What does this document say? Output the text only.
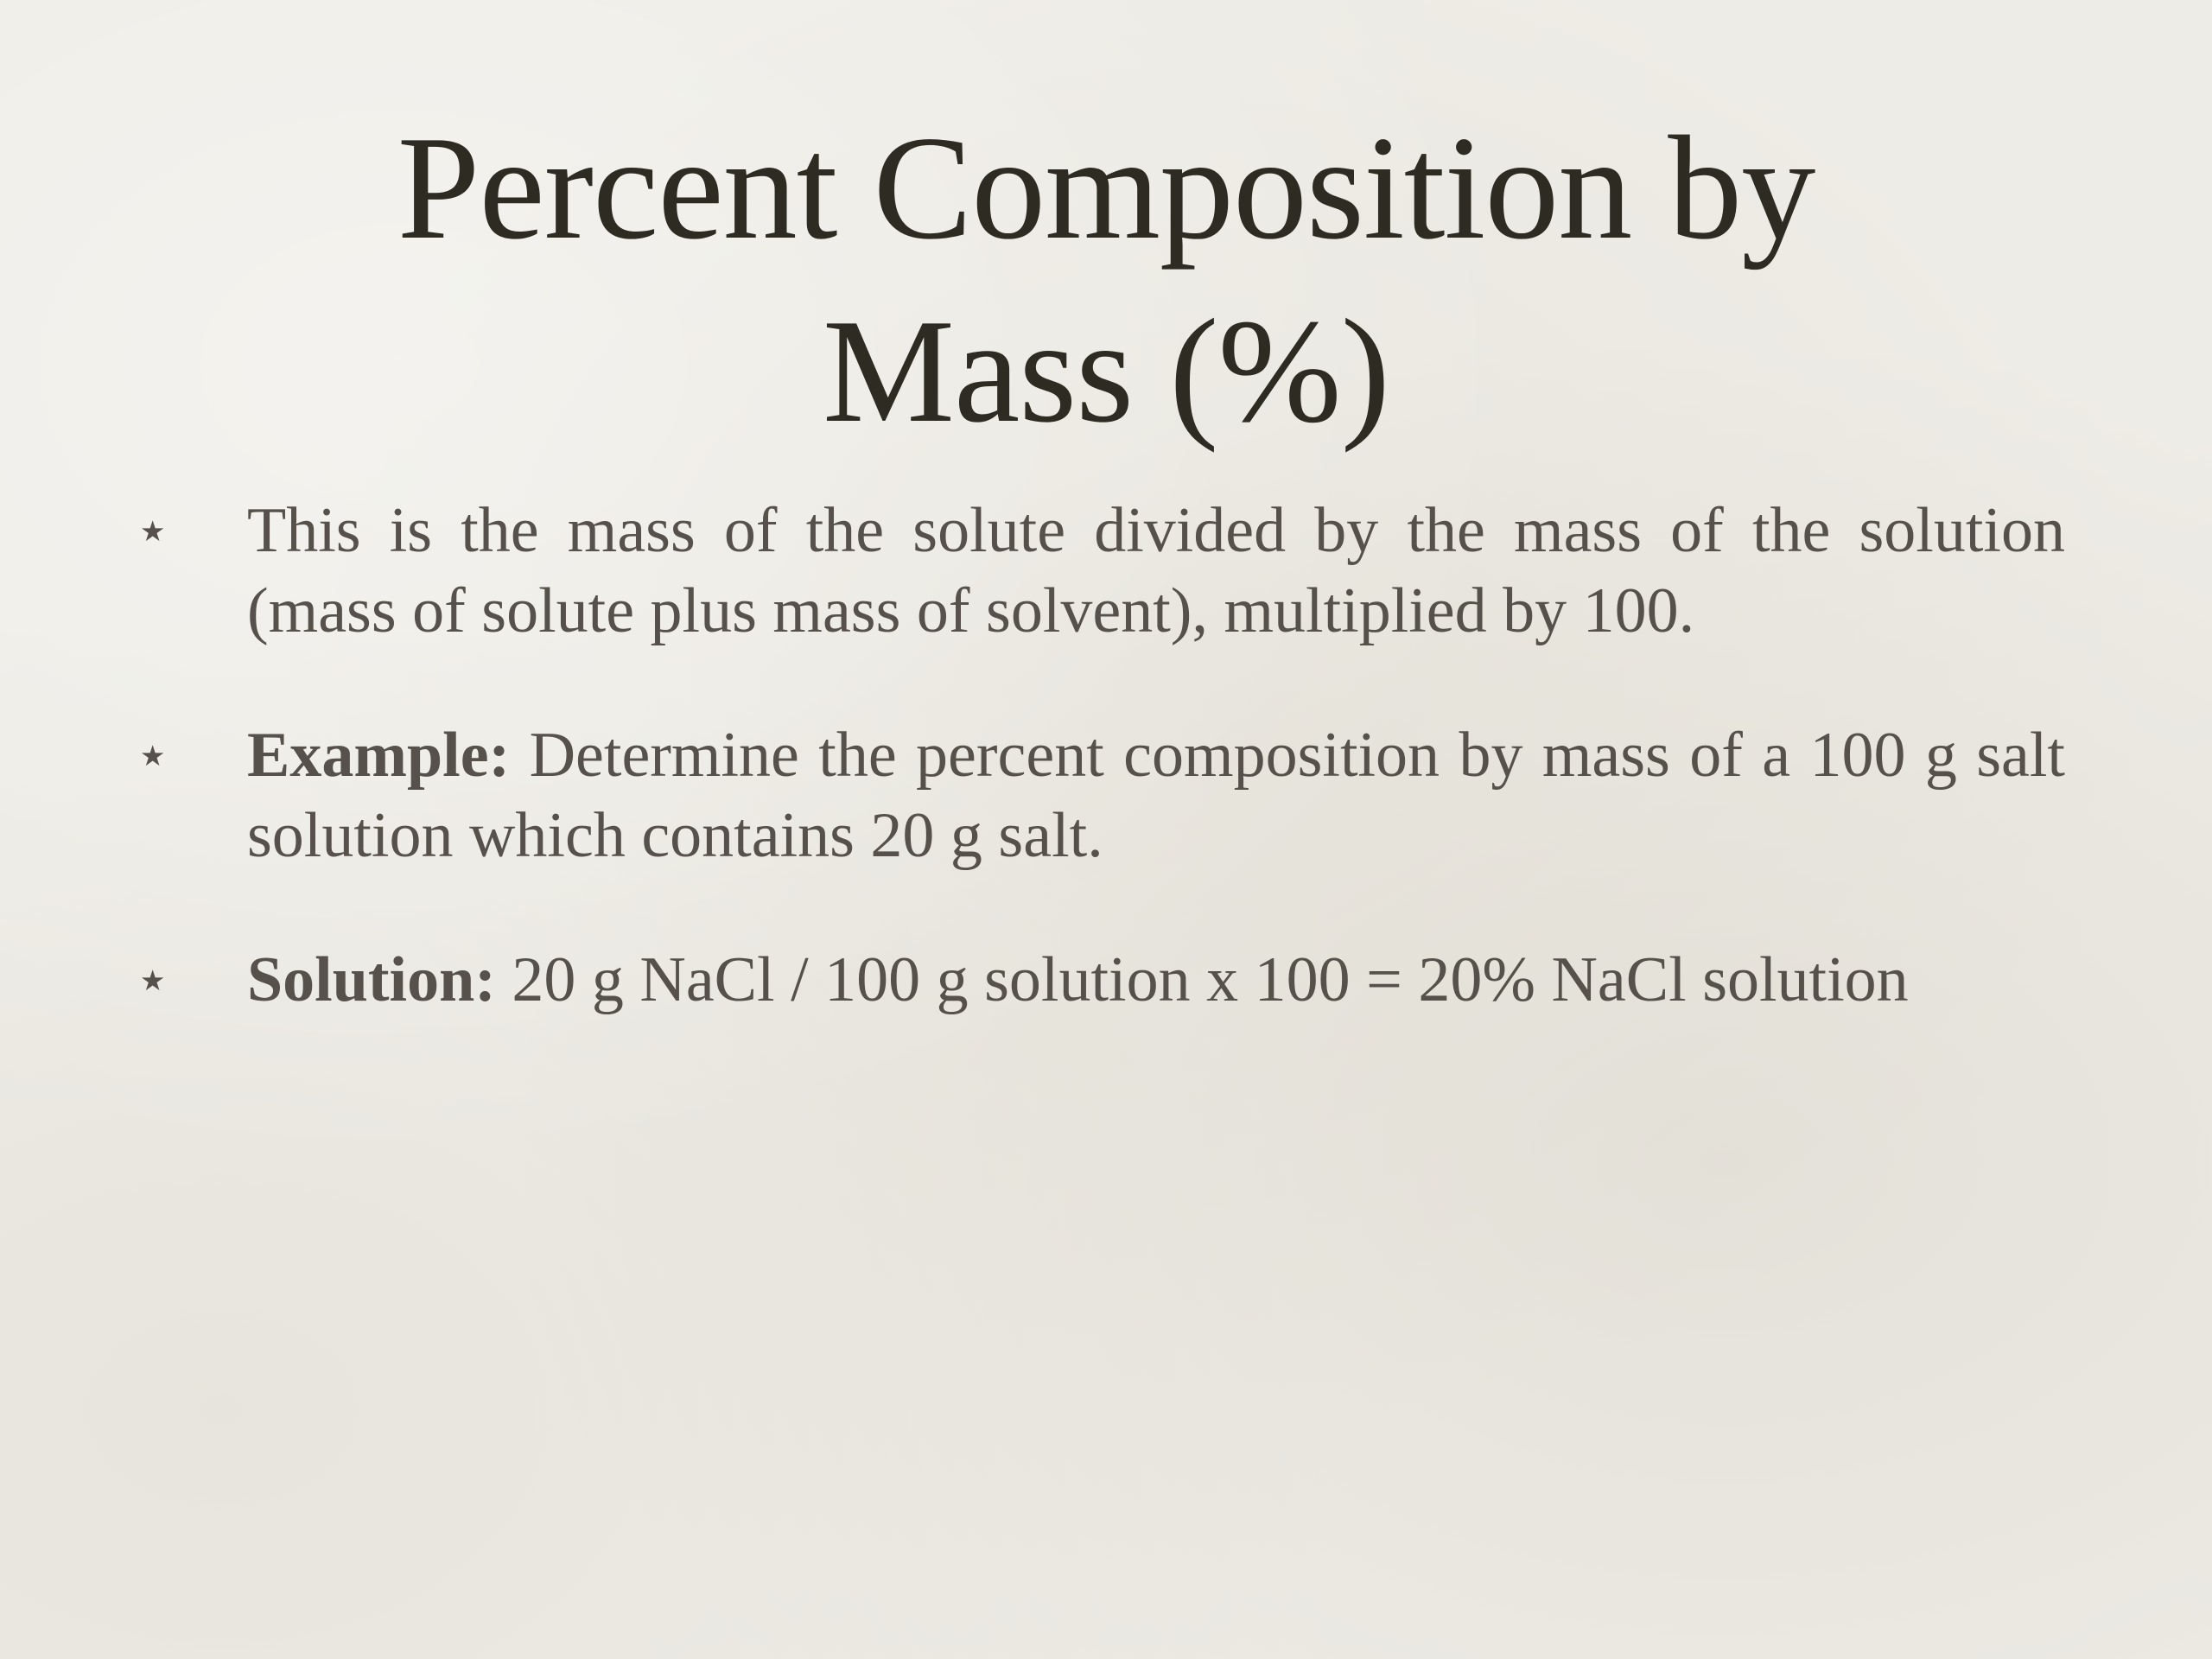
Percent Composition by
Mass (%)
⋆ This is the mass of the solute divided by the mass of the solution (mass of solute plus mass of solvent), multiplied by 100.
⋆ Example: Determine the percent composition by mass of a 100 g salt solution which contains 20 g salt.
⋆ Solution: 20 g NaCl / 100 g solution x 100 = 20% NaCl solution
